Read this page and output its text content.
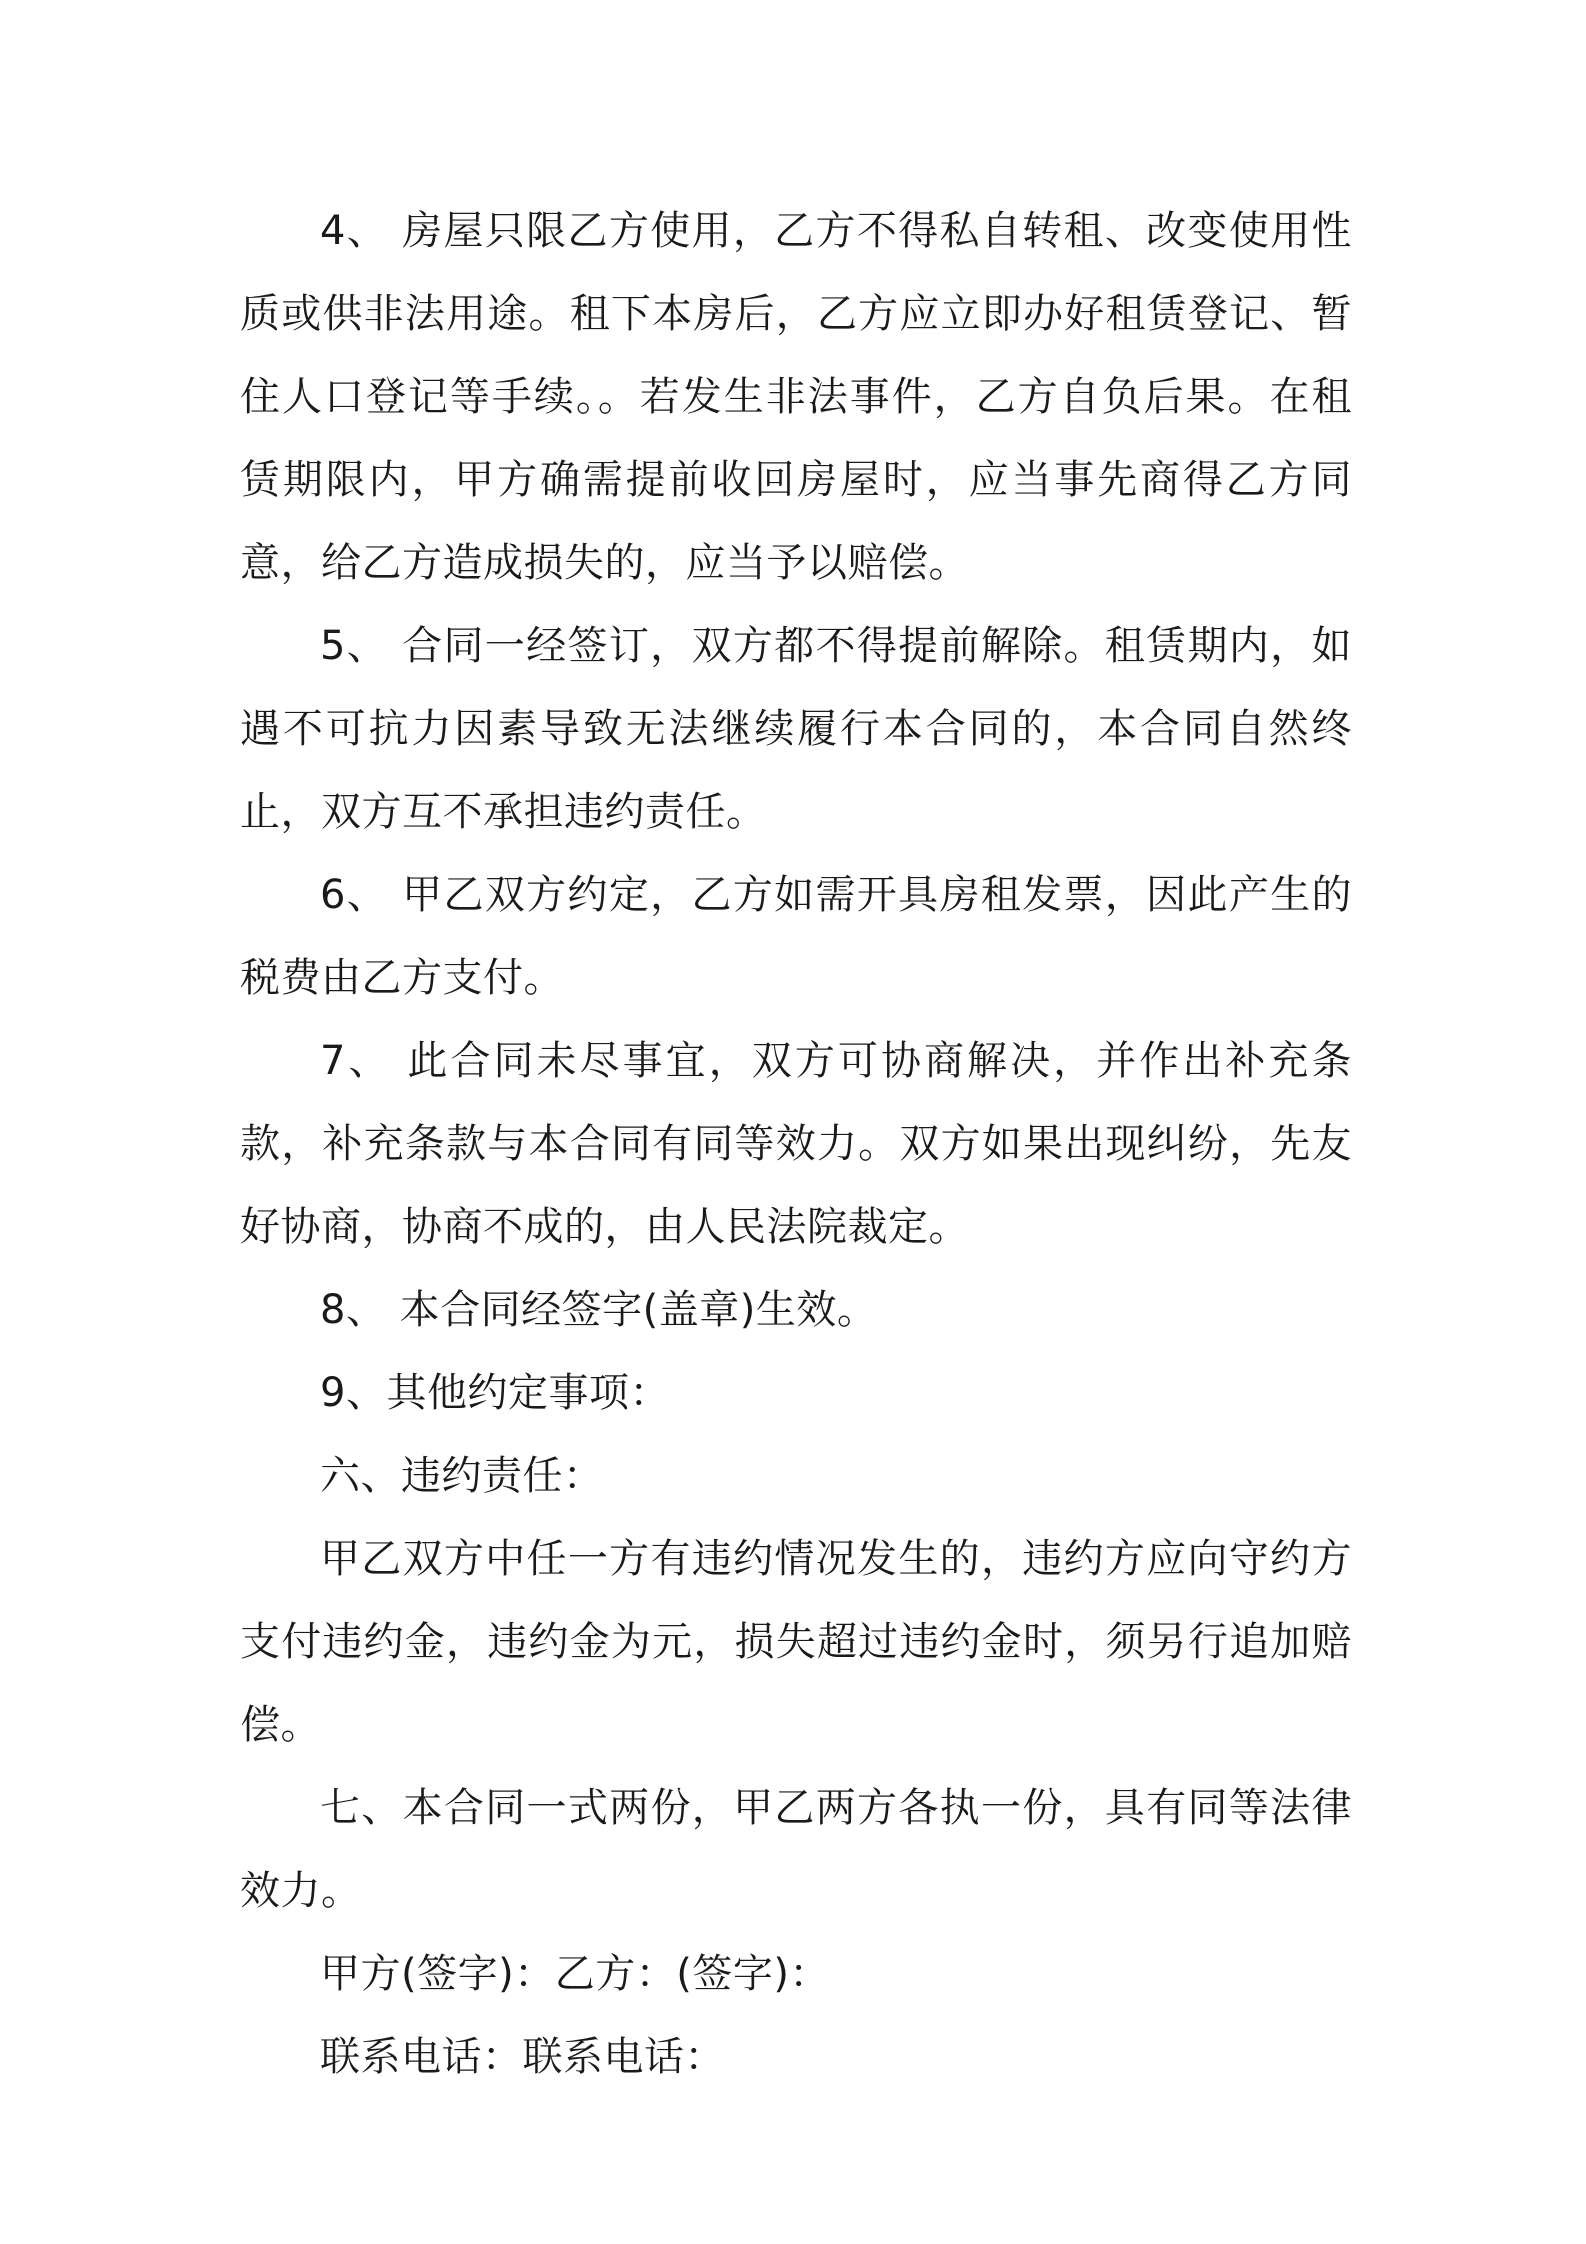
4、 房屋只限乙方使用，乙方不得私自转租、改变使用性质或供非法用途。租下本房后，乙方应立即办好租赁登记、暂住人口登记等手续。。若发生非法事件，乙方自负后果。在租赁期限内，甲方确需提前收回房屋时，应当事先商得乙方同意，给乙方造成损失的，应当予以赔偿。

5、 合同一经签订，双方都不得提前解除。租赁期内，如遇不可抗力因素导致无法继续履行本合同的，本合同自然终止，双方互不承担违约责任。

6、 甲乙双方约定，乙方如需开具房租发票，因此产生的税费由乙方支付。

7、 此合同未尽事宜，双方可协商解决，并作出补充条款，补充条款与本合同有同等效力。双方如果出现纠纷，先友好协商，协商不成的，由人民法院裁定。

8、 本合同经签字(盖章)生效。

9、其他约定事项：

六、违约责任：

甲乙双方中任一方有违约情况发生的，违约方应向守约方支付违约金，违约金为元，损失超过违约金时，须另行追加赔偿。

七、本合同一式两份，甲乙两方各执一份，具有同等法律效力。

甲方(签字)：乙方：(签字)：

联系电话：联系电话：
